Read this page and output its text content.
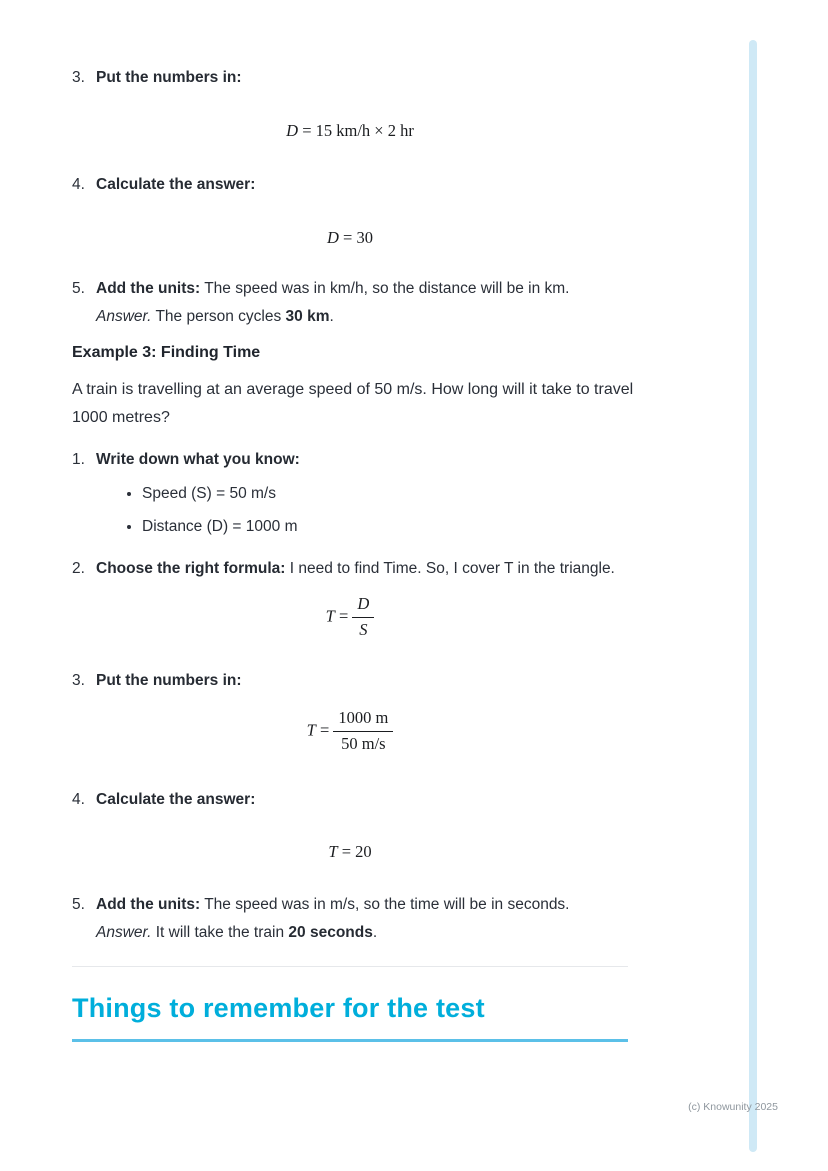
3. Put the numbers in:
D = 15 km/h × 2 hr
4. Calculate the answer:
D = 30
5. Add the units: The speed was in km/h, so the distance will be in km.
Answer. The person cycles 30 km.
Example 3: Finding Time

A train is travelling at an average speed of 50 m/s. How long will it take to travel 1000 metres?

1. Write down what you know:
• Speed (S) = 50 m/s
• Distance (D) = 1000 m
2. Choose the right formula: I need to find Time. So, I cover T in the triangle.
$T = \frac{D}{S}$
3. Put the numbers in:
$T = \frac{1000 m}{50 m/s}$
4. Calculate the answer:
T = 20
5. Add the units: The speed was in m/s, so the time will be in seconds.
Answer. It will take the train 20 seconds.
Things to remember for the test
(c) Knowunity 2025
